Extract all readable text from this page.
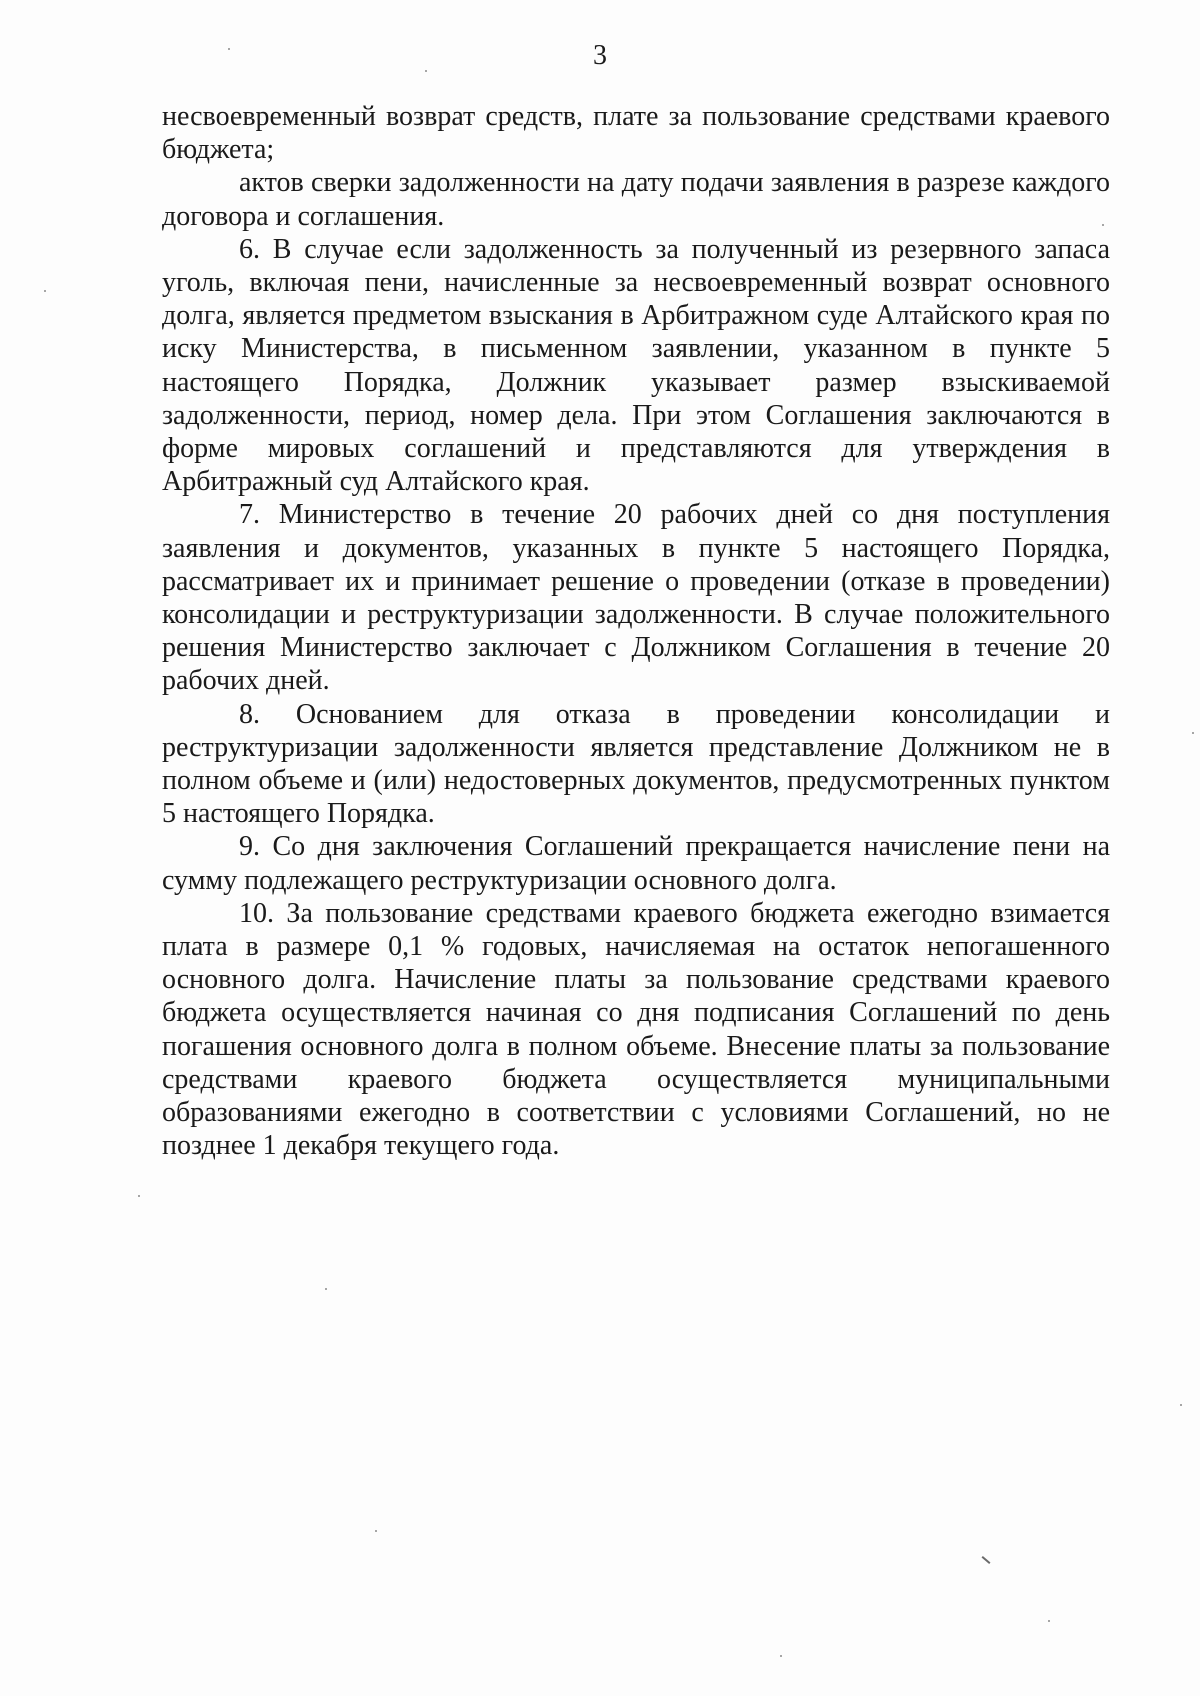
3

несвоевременный возврат средств, плате за пользование средствами краевого бюджета;

актов сверки задолженности на дату подачи заявления в разрезе каждого договора и соглашения.

6. В случае если задолженность за полученный из резервного запаса уголь, включая пени, начисленные за несвоевременный возврат основного долга, является предметом взыскания в Арбитражном суде Алтайского края по иску Министерства, в письменном заявлении, указанном в пункте 5 настоящего Порядка, Должник указывает размер взыскиваемой задолженности, период, номер дела. При этом Соглашения заключаются в форме мировых соглашений и представляются для утверждения в Арбитражный суд Алтайского края.

7. Министерство в течение 20 рабочих дней со дня поступления заявления и документов, указанных в пункте 5 настоящего Порядка, рассматривает их и принимает решение о проведении (отказе в проведении) консолидации и реструктуризации задолженности. В случае положительного решения Министерство заключает с Должником Соглашения в течение 20 рабочих дней.

8. Основанием для отказа в проведении консолидации и реструктуризации задолженности является представление Должником не в полном объеме и (или) недостоверных документов, предусмотренных пунктом 5 настоящего Порядка.

9. Со дня заключения Соглашений прекращается начисление пени на сумму подлежащего реструктуризации основного долга.

10. За пользование средствами краевого бюджета ежегодно взимается плата в размере 0,1 % годовых, начисляемая на остаток непогашенного основного долга. Начисление платы за пользование средствами краевого бюджета осуществляется начиная со дня подписания Соглашений по день погашения основного долга в полном объеме. Внесение платы за пользование средствами краевого бюджета осуществляется муниципальными образованиями ежегодно в соответствии с условиями Соглашений, но не позднее 1 декабря текущего года.
